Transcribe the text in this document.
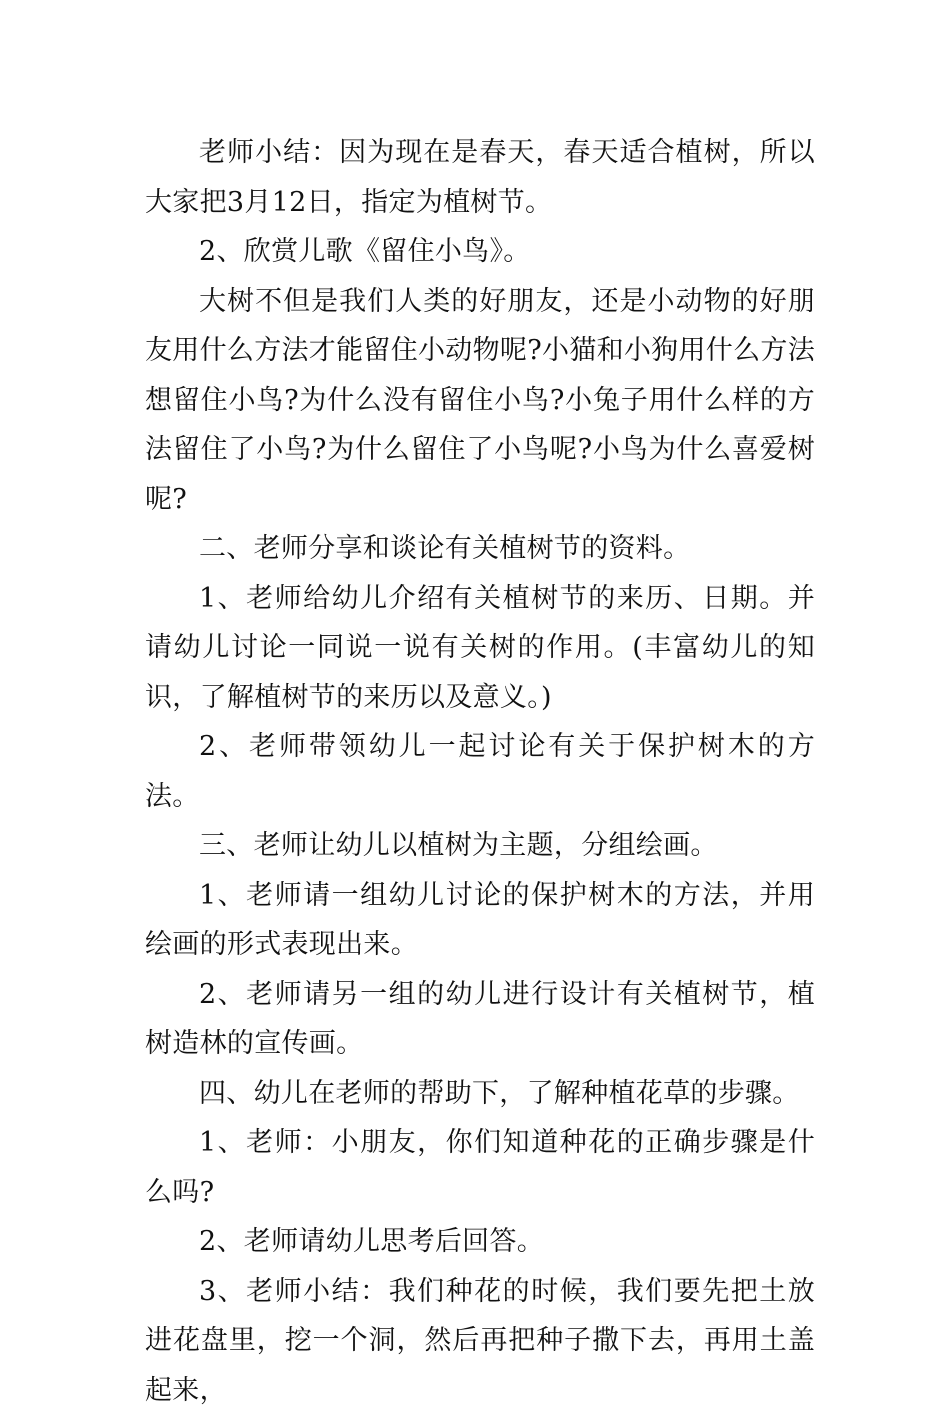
老师小结：因为现在是春天，春天适合植树，所以大家把3月12日，指定为植树节。

2、欣赏儿歌《留住小鸟》。

大树不但是我们人类的好朋友，还是小动物的好朋友用什么方法才能留住小动物呢?小猫和小狗用什么方法想留住小鸟?为什么没有留住小鸟?小兔子用什么样的方法留住了小鸟?为什么留住了小鸟呢?小鸟为什么喜爱树呢?

二、老师分享和谈论有关植树节的资料。

1、老师给幼儿介绍有关植树节的来历、日期。并请幼儿讨论一同说一说有关树的作用。(丰富幼儿的知识，了解植树节的来历以及意义。)

2、老师带领幼儿一起讨论有关于保护树木的方法。

三、老师让幼儿以植树为主题，分组绘画。

1、老师请一组幼儿讨论的保护树木的方法，并用绘画的形式表现出来。

2、老师请另一组的幼儿进行设计有关植树节，植树造林的宣传画。

四、幼儿在老师的帮助下，了解种植花草的步骤。

1、老师：小朋友，你们知道种花的正确步骤是什么吗?

2、老师请幼儿思考后回答。

3、老师小结：我们种花的时候，我们要先把土放进花盘里，挖一个洞，然后再把种子撒下去，再用土盖起来，
